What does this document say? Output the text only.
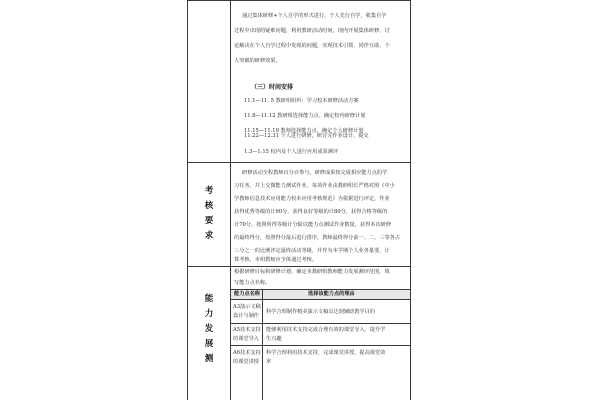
通过集体研修+个人自学的形式进行，个人先行自学，收集自学
过程中出现的疑难问题，利用教研活动时间，现内开展集体研修，讨
论解决在个人自学过程中发现的问题，实现技术引领，同伴互助，个
人突破的研修效果。
（三）时间安排
11.1—11. 5 教研组组织：学习校本研修活动方案
11.8—11.12 教研组选择能力点、确定校内研修计划
11.15—11.19 教师选择能力点，确定个人研修计划
11.22—12.31 个人进行研修，研讨完作业设计，提交
1.3—1.15 校内及个人进行应用成果测评
考
核
要
求
研修活动全程教师百分百参与，研修成果按完成相应能力点的学
习任务，并上交微能力测试作业，每项作业由教研组长严格对照《中小
学教师信息技术应用能力校本应用考核规范》为依据进行评定，作业
获得优秀等级的计90分，获得良好等级的计80分，获得合格等级的
计70分，按照所得等级计分除以能力点测试作业数量，获得本次研修
的最终得分，按照得分最后进行排序，教师最终得分前一、二、三等各占
三分之一的比例评定最终活动等级，并作为本学期个人业务量要，计
算考核，本组教师应全体通过考核。
能
力
发
展
测
根据研修目标和研修计划，确定本教研组教师能力发展测评范围，填
写能力点名称。
能力点名称	选择该能力点的理由
A3演示文稿
设计与制作
科学合理制作精美演示文稿以达到辅助教学目的
A5技术支持
的课堂导入
能够利用技术支持完成合理有效的课堂导入，提升学
生兴趣
A6技术支持
的课堂讲授
科学合理利用技术支持，完成课堂讲授，提高课堂效
率
